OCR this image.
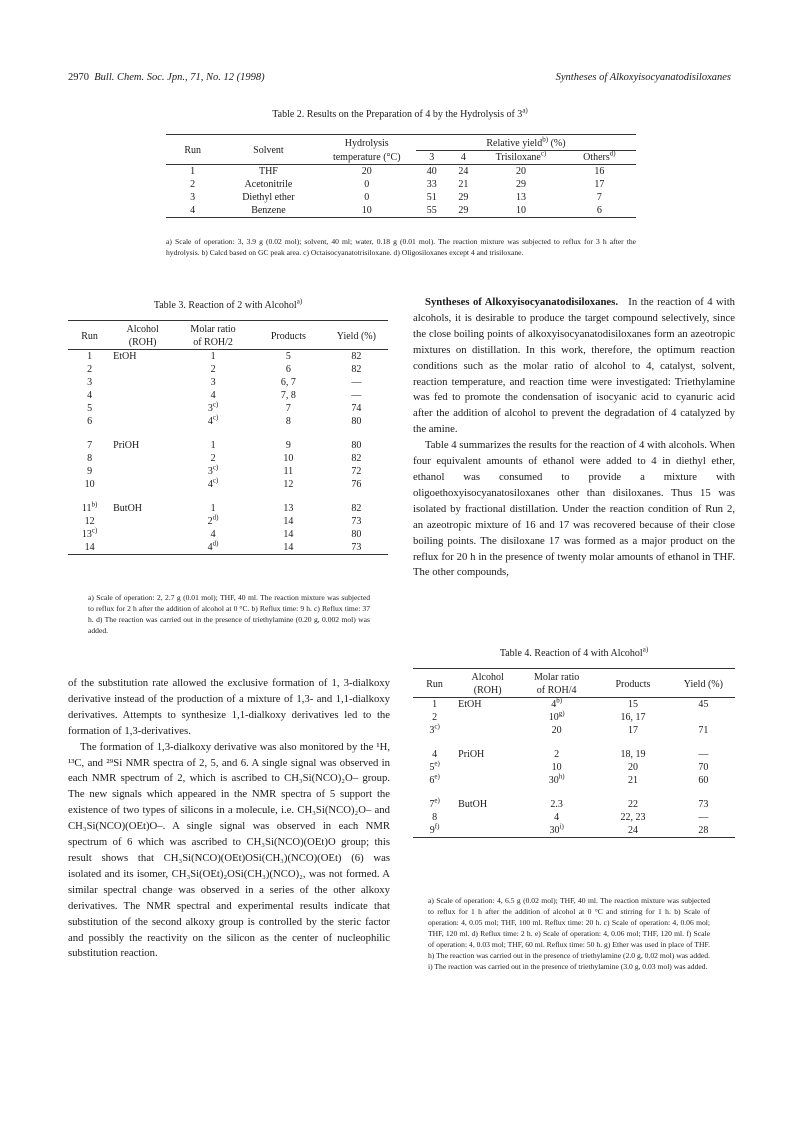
2970 Bull. Chem. Soc. Jpn., 71, No. 12 (1998)	Syntheses of Alkoxyisocyanatodisiloxanes
Table 2. Results on the Preparation of 4 by the Hydrolysis of 3$^{a)}$
Run	Solvent	Hydrolysis	Relative yield$^{b)}$ (%)			
		temperature (°C)	3	4	Trisiloxane$^{c)}$	Others$^{d)}$
1	THF	20	40	24	20	16
2	Acetonitrile	0	33	21	29	17
3	Diethyl ether	0	51	29	13	7
4	Benzene	10	55	29	10	6
a) Scale of operation: 3, 3.9 g (0.02 mol); solvent, 40 ml; water, 0.18 g (0.01 mol). The reaction mixture was subjected to reflux for 3 h after the hydrolysis. b) Calcd based on GC peak area. c) Octaisocyanatotrisiloxane. d) Oligosiloxanes except 4 and trisiloxane.
Table 3. Reaction of 2 with Alcohol$^{a)}$
Run	Alcohol	Molar ratio	Products	Yield (%)
	(ROH)	of ROH/2		
1	EtOH	1	5	82
2		2	6	82
3		3	6, 7	—
4		4	7, 8	—
5		3$^{c)}$	7	74
6		4$^{c)}$	8	80

7	PriOH	1	9	80
8		2	10	82
9		3$^{c)}$	11	72
10		4$^{c)}$	12	76

11$^{b)}$	ButOH	1	13	82
12		2$^{d)}$	14	73
13$^{c)}$		4	14	80
14		4$^{d)}$	14	73
a) Scale of operation: 2, 2.7 g (0.01 mol); THF, 40 ml. The reaction mixture was subjected to reflux for 2 h after the addition of alcohol at 0 °C. b) Reflux time: 9 h. c) Reflux time: 37 h. d) The reaction was carried out in the presence of triethylamine (0.20 g, 0.002 mol) was added.
of the substitution rate allowed the exclusive formation of 1, 3-dialkoxy derivative instead of the production of a mixture of 1,3- and 1,1-dialkoxy derivatives. Attempts to synthesize 1,1-dialkoxy derivatives led to the formation of 1,3-derivatives.
The formation of 1,3-dialkoxy derivative was also monitored by the ¹H, ¹³C, and ²⁹Si NMR spectra of 2, 5, and 6. A single signal was observed in each NMR spectrum of 2, which is ascribed to CH₃Si(NCO)₂O– group. The new signals which appeared in the NMR spectra of 5 support the existence of two types of silicons in a molecule, i.e. CH₃Si(NCO)₂O– and CH₃Si(NCO)(OEt)O–. A single signal was observed in each NMR spectrum of 6 which was ascribed to CH₃Si(NCO)(OEt)O group; this result shows that CH₃Si(NCO)(OEt)OSi(CH₃)(NCO)(OEt) (6) was isolated and its isomer, CH₃Si(OEt)₂OSi(CH₃)(NCO)₂, was not formed. A similar spectral change was observed in a series of the other alkoxy derivatives. The NMR spectral and experimental results indicate that substitution of the second alkoxy group is controlled by the steric factor and possibly the reactivity on the silicon as the center of nucleophilic substitution reaction.
Syntheses of Alkoxyisocyanatodisiloxanes. In the reaction of 4 with alcohols, it is desirable to produce the target compound selectively, since the close boiling points of alkoxyisocyanatodisiloxanes form an azeotropic mixtures on distillation. In this work, therefore, the optimum reaction conditions such as the molar ratio of alcohol to 4, catalyst, solvent, reaction temperature, and reaction time were investigated: Triethylamine was fed to promote the condensation of isocyanic acid to cyanuric acid after the addition of alcohol to prevent the degradation of 4 catalyzed by the amine.
Table 4 summarizes the results for the reaction of 4 with alcohols. When four equivalent amounts of ethanol were added to 4 in diethyl ether, ethanol was consumed to provide a mixture with oligoethoxyisocyanatosiloxanes other than disiloxanes. Thus 15 was isolated by fractional distillation. Under the reaction condition of Run 2, an azeotropic mixture of 16 and 17 was recovered because of their close boiling points. The disiloxane 17 was formed as a major product on the reflux for 20 h in the presence of twenty molar amounts of ethanol in THF. The other compounds,
Table 4. Reaction of 4 with Alcohol$^{a)}$
Run	Alcohol	Molar ratio	Products	Yield (%)
	(ROH)	of ROH/4		
1	EtOH	4$^{b)}$	15	45
2		10$^{g)}$	16, 17	
3$^{c)}$		20	17	71

4	PriOH	2	18, 19	—
5$^{e)}$		10	20	70
6$^{e)}$		30$^{h)}$	21	60

7$^{e)}$	ButOH	2.3	22	73
8		4	22, 23	—
9$^{f)}$		30$^{i)}$	24	28
a) Scale of operation: 4, 6.5 g (0.02 mol); THF, 40 ml. The reaction mixture was subjected to reflux for 1 h after the addition of alcohol at 0 °C and stirring for 1 h. b) Scale of operation: 4, 0.05 mol; THF, 100 ml. Reflux time: 20 h. c) Scale of operation: 4, 0.06 mol; THF, 120 ml. d) Reflux time: 2 h. e) Scale of operation: 4, 0.06 mol; THF, 120 ml. f) Scale of operation: 4, 0.03 mol; THF, 60 ml. Reflux time: 50 h. g) Ether was used in place of THF. h) The reaction was carried out in the presence of triethylamine (2.0 g, 0.02 mol) was added. i) The reaction was carried out in the presence of triethylamine (3.0 g, 0.03 mol) was added.
